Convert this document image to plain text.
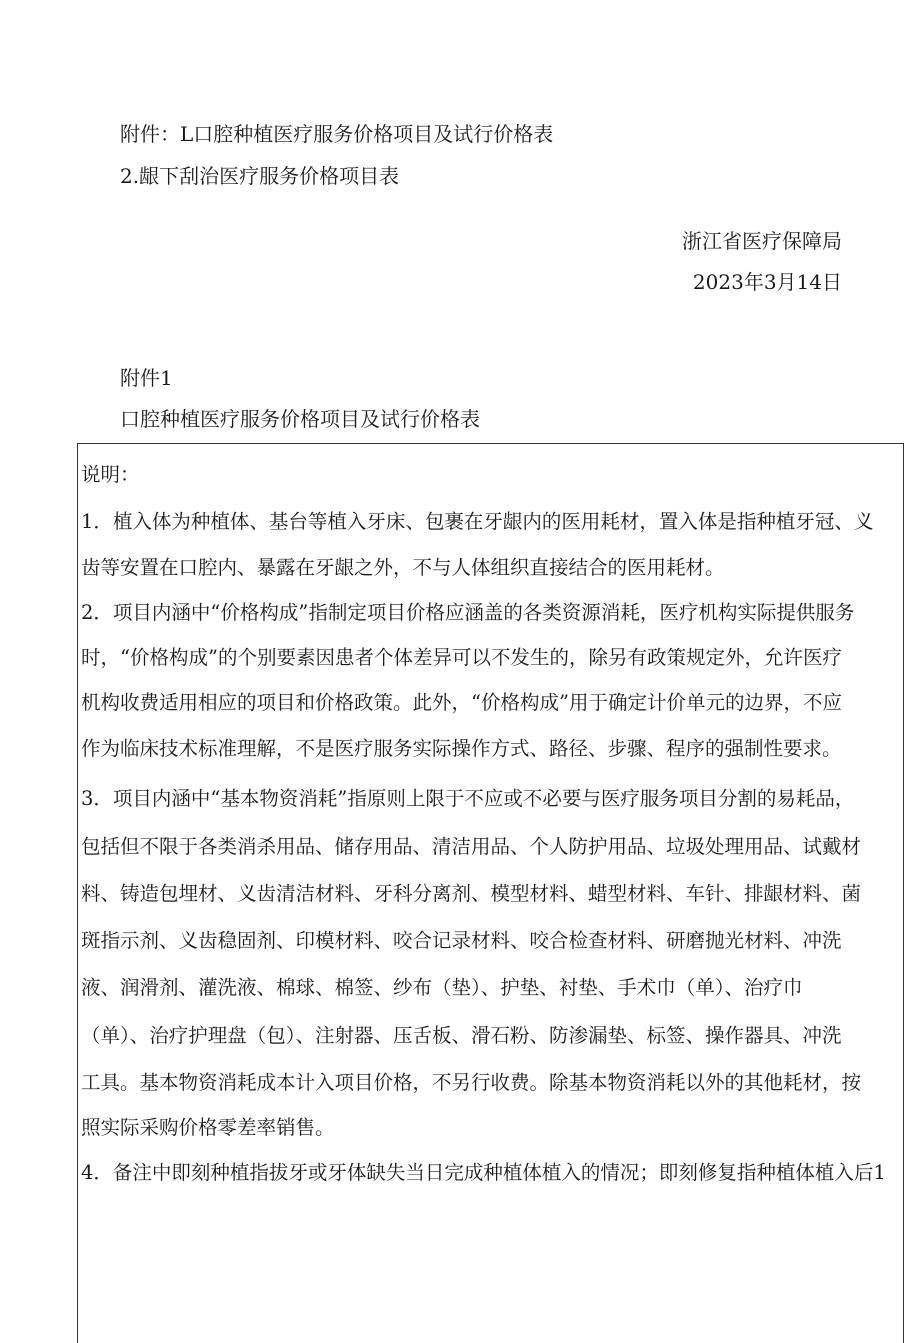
附件：L口腔种植医疗服务价格项目及试行价格表
2.龈下刮治医疗服务价格项目表
浙江省医疗保障局
2023年3月14日
附件1
口腔种植医疗服务价格项目及试行价格表
说明：
1．植入体为种植体、基台等植入牙床、包裹在牙龈内的医用耗材，置入体是指种植牙冠、义
齿等安置在口腔内、暴露在牙龈之外，不与人体组织直接结合的医用耗材。
2．项目内涵中“价格构成”指制定项目价格应涵盖的各类资源消耗，医疗机构实际提供服务
时，“价格构成”的个别要素因患者个体差异可以不发生的，除另有政策规定外，允许医疗
机构收费适用相应的项目和价格政策。此外，“价格构成”用于确定计价单元的边界，不应
作为临床技术标准理解，不是医疗服务实际操作方式、路径、步骤、程序的强制性要求。
3．项目内涵中“基本物资消耗”指原则上限于不应或不必要与医疗服务项目分割的易耗品，
包括但不限于各类消杀用品、储存用品、清洁用品、个人防护用品、垃圾处理用品、试戴材
料、铸造包埋材、义齿清洁材料、牙科分离剂、模型材料、蜡型材料、车针、排龈材料、菌
斑指示剂、义齿稳固剂、印模材料、咬合记录材料、咬合检查材料、研磨抛光材料、冲洗
液、润滑剂、灌洗液、棉球、棉签、纱布（垫）、护垫、衬垫、手术巾（单）、治疗巾
（单）、治疗护理盘（包）、注射器、压舌板、滑石粉、防渗漏垫、标签、操作器具、冲洗
工具。基本物资消耗成本计入项目价格，不另行收费。除基本物资消耗以外的其他耗材，按
照实际采购价格零差率销售。
4．备注中即刻种植指拔牙或牙体缺失当日完成种植体植入的情况；即刻修复指种植体植入后1
